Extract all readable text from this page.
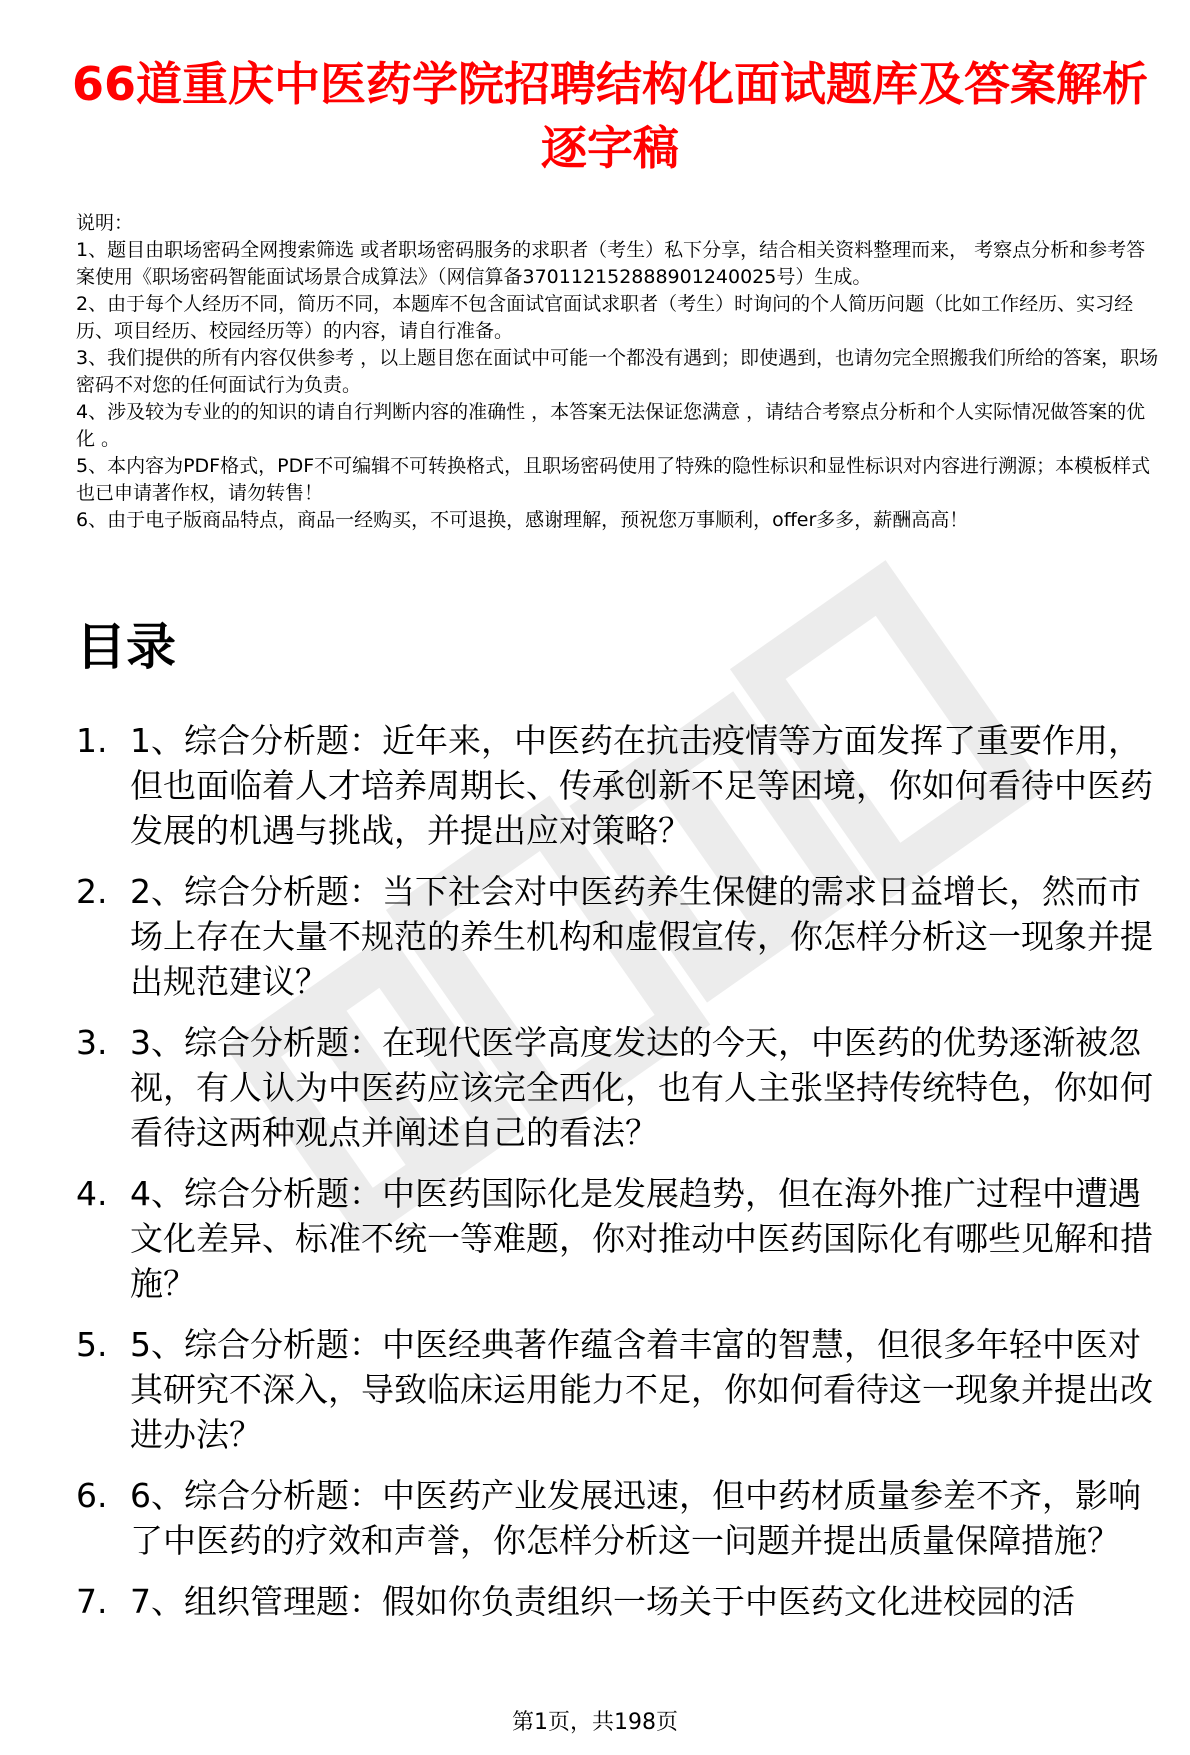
66道重庆中医药学院招聘结构化面试题库及答案解析逐字稿

说明：

1、题目由职场密码全网搜索筛选 或者职场密码服务的求职者（考生）私下分享，结合相关资料整理而来， 考察点分析和参考答案使用《职场密码智能面试场景合成算法》（网信算备370112152888901240025号）生成。

2、由于每个人经历不同，简历不同，本题库不包含面试官面试求职者（考生）时询问的个人简历问题（比如工作经历、实习经历、项目经历、校园经历等）的内容，请自行准备。

3、我们提供的所有内容仅供参考 ，以上题目您在面试中可能一个都没有遇到；即使遇到，也请勿完全照搬我们所给的答案，职场密码不对您的任何面试行为负责。

4、涉及较为专业的的知识的请自行判断内容的准确性 ，本答案无法保证您满意 ，请结合考察点分析和个人实际情况做答案的优化 。

5、本内容为PDF格式，PDF不可编辑不可转换格式，且职场密码使用了特殊的隐性标识和显性标识对内容进行溯源；本模板样式也已申请著作权，请勿转售！

6、由于电子版商品特点，商品一经购买，不可退换，感谢理解，预祝您万事顺利，offer多多，薪酬高高！

目录
1. 1、综合分析题：近年来，中医药在抗击疫情等方面发挥了重要作用，但也面临着人才培养周期长、传承创新不足等困境，你如何看待中医药发展的机遇与挑战，并提出应对策略？
2. 2、综合分析题：当下社会对中医药养生保健的需求日益增长，然而市场上存在大量不规范的养生机构和虚假宣传，你怎样分析这一现象并提出规范建议？
3. 3、综合分析题：在现代医学高度发达的今天，中医药的优势逐渐被忽视，有人认为中医药应该完全西化，也有人主张坚持传统特色，你如何看待这两种观点并阐述自己的看法？
4. 4、综合分析题：中医药国际化是发展趋势，但在海外推广过程中遭遇文化差异、标准不统一等难题，你对推动中医药国际化有哪些见解和措施？
5. 5、综合分析题：中医经典著作蕴含着丰富的智慧，但很多年轻中医对其研究不深入，导致临床运用能力不足，你如何看待这一现象并提出改进办法？
6. 6、综合分析题：中医药产业发展迅速，但中药材质量参差不齐，影响了中医药的疗效和声誉，你怎样分析这一问题并提出质量保障措施？
7. 7、组织管理题：假如你负责组织一场关于中医药文化进校园的活
第1页，共198页
